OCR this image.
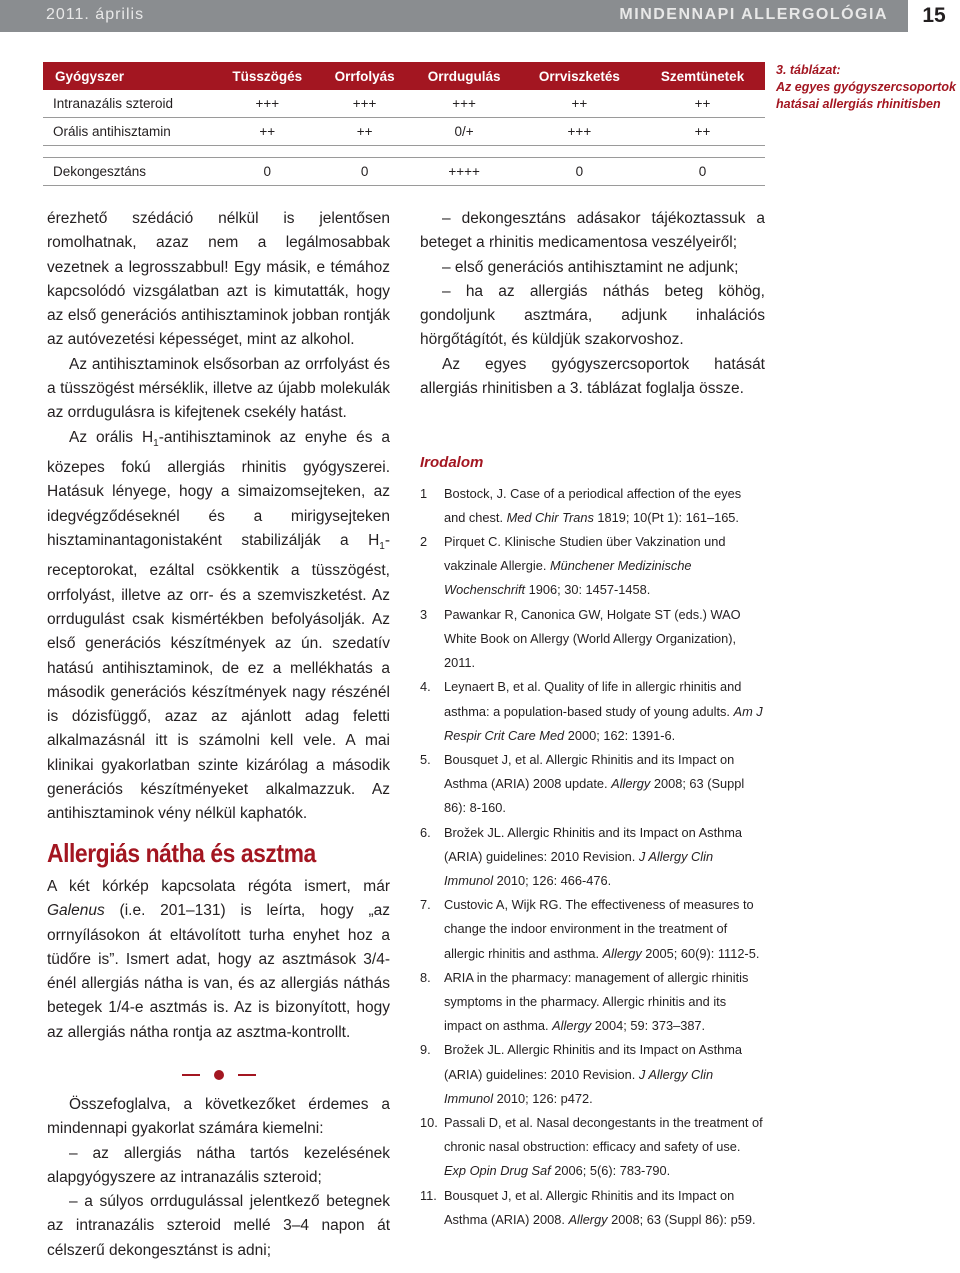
2011. április	MINDENNAPI ALLERGOLÓGIA	15
Gyógyszer	Tüsszögés	Orrfolyás	Orrdugulás	Orrviszketés	Szemtünetek
Intranazális szteroid	+++	+++	+++	++	++
Orális antihisztamin	++	++	0/+	+++	++

Dekongesztáns	0	0	++++	0	0
3. táblázat:
Az egyes gyógyszercsoportok hatásai allergiás rhinitisben

érezhető szédáció nélkül is jelentősen romolhatnak, azaz nem a legálmosabbak vezetnek a legrosszabbul! Egy másik, e témához kapcsolódó vizsgálatban azt is kimutatták, hogy az első generációs antihisztaminok jobban rontják az autóvezetési képességet, mint az alkohol.

Az antihisztaminok elsősorban az orrfolyást és a tüsszögést mérséklik, illetve az újabb molekulák az orrdugulásra is kifejtenek csekély hatást.

Az orális $H_1$-antihisztaminok az enyhe és a közepes fokú allergiás rhinitis gyógyszerei. Hatásuk lényege, hogy a simaizomsejteken, az idegvégződéseknél és a mirigysejteken hisztaminantagonistaként stabilizálják a $H_1$-receptorokat, ezáltal csökkentik a tüsszögést, orrfolyást, illetve az orr- és a szemviszketést. Az orrdugulást csak kismértékben befolyásolják. Az első generációs készítmények az ún. szedatív hatású antihisztaminok, de ez a mellékhatás a második generációs készítmények nagy részénél is dózisfüggő, azaz az ajánlott adag feletti alkalmazásnál itt is számolni kell vele. A mai klinikai gyakorlatban szinte kizárólag a második generációs készítményeket alkalmazzuk. Az antihisztaminok vény nélkül kaphatók.

Allergiás nátha és asztma

A két kórkép kapcsolata régóta ismert, már Galenus (i.e. 201–131) is leírta, hogy „az orrnyílásokon át eltávolított turha enyhet hoz a tüdőre is”. Ismert adat, hogy az asztmások 3/4-énél allergiás nátha is van, és az allergiás náthás betegek 1/4-e asztmás is. Az is bizonyított, hogy az allergiás nátha rontja az asztma-kontrollt.

Összefoglalva, a következőket érdemes a mindennapi gyakorlat számára kiemelni:

– az allergiás nátha tartós kezelésének alapgyógyszere az intranazális szteroid;

– a súlyos orrdugulással jelentkező betegnek az intranazális szteroid mellé 3–4 napon át célszerű dekongesztánst is adni;

– dekongesztáns adásakor tájékoztassuk a beteget a rhinitis medicamentosa veszélyeiről;

– első generációs antihisztamint ne adjunk;

– ha az allergiás náthás beteg köhög, gondoljunk asztmára, adjunk inhalációs hörgőtágítót, és küldjük szakorvoshoz.

Az egyes gyógyszercsoportok hatását allergiás rhinitisben a 3. táblázat foglalja össze.

Irodalom
1	Bostock, J. Case of a periodical affection of the eyes and chest. Med Chir Trans 1819; 10(Pt 1): 161–165.
2	Pirquet C. Klinische Studien über Vakzination und vakzinale Allergie. Münchener Medizinische Wochenschrift 1906; 30: 1457-1458.
3	Pawankar R, Canonica GW, Holgate ST (eds.) WAO White Book on Allergy (World Allergy Organization), 2011.
4.	Leynaert B, et al. Quality of life in allergic rhinitis and asthma: a population-based study of young adults. Am J Respir Crit Care Med 2000; 162: 1391-6.
5.	Bousquet J, et al. Allergic Rhinitis and its Impact on Asthma (ARIA) 2008 update. Allergy 2008; 63 (Suppl 86): 8-160.
6.	Brožek JL. Allergic Rhinitis and its Impact on Asthma (ARIA) guidelines: 2010 Revision. J Allergy Clin Immunol 2010; 126: 466-476.
7.	Custovic A, Wijk RG. The effectiveness of measures to change the indoor environment in the treatment of allergic rhinitis and asthma. Allergy 2005; 60(9): 1112-5.
8.	ARIA in the pharmacy: management of allergic rhinitis symptoms in the pharmacy. Allergic rhinitis and its impact on asthma. Allergy 2004; 59: 373–387.
9.	Brožek JL. Allergic Rhinitis and its Impact on Asthma (ARIA) guidelines: 2010 Revision. J Allergy Clin Immunol 2010; 126: p472.
10. Passali D, et al. Nasal decongestants in the treatment of chronic nasal obstruction: efficacy and safety of use. Exp Opin Drug Saf 2006; 5(6): 783-790.
11. Bousquet J, et al. Allergic Rhinitis and its Impact on Asthma (ARIA) 2008. Allergy 2008; 63 (Suppl 86): p59.
